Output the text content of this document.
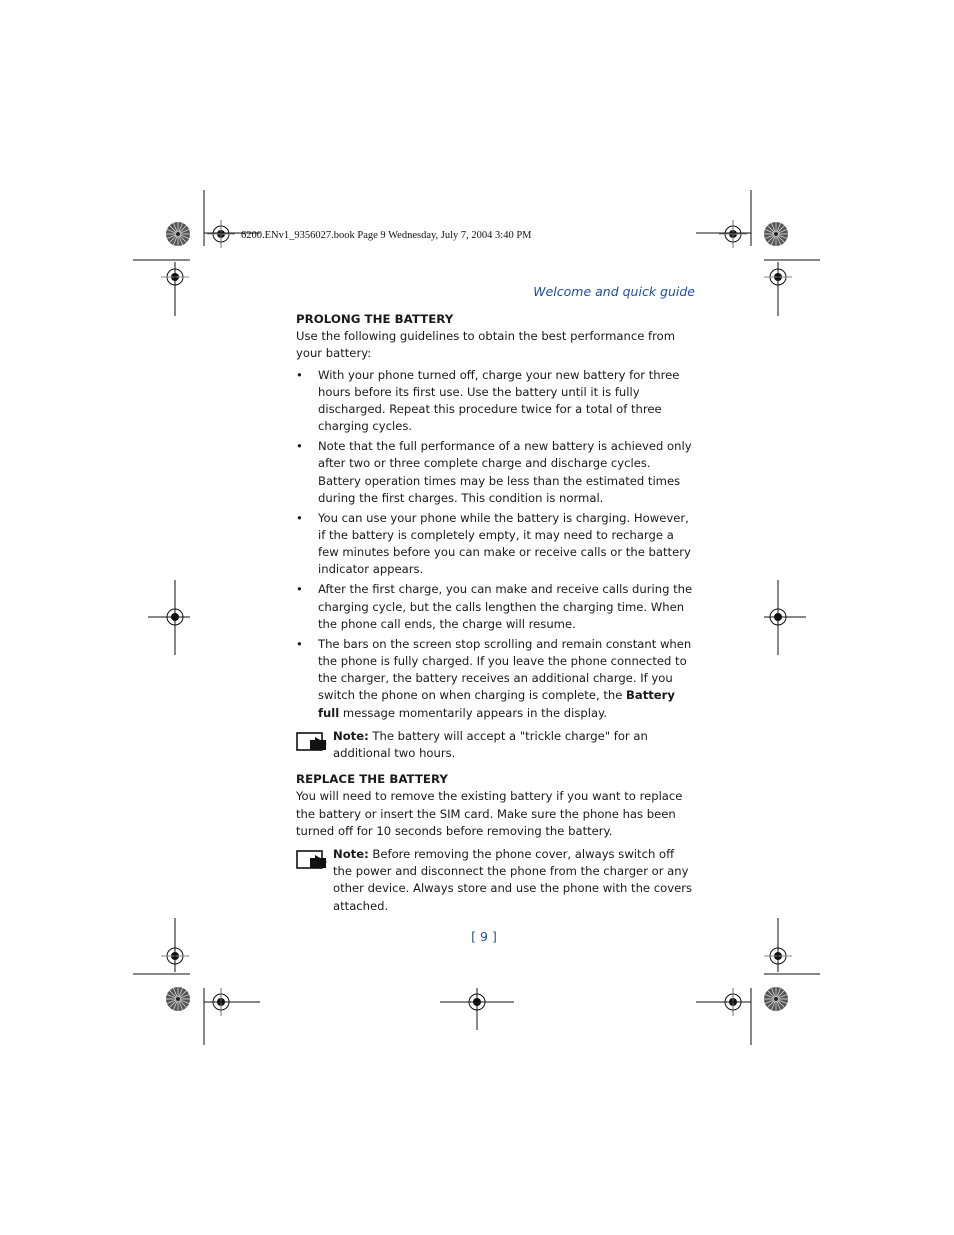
6200.ENv1_9356027.book Page 9 Wednesday, July 7, 2004 3:40 PM
Welcome and quick guide
PROLONG THE BATTERY

Use the following guidelines to obtain the best performance from your battery:

• With your phone turned off, charge your new battery for three hours before its first use. Use the battery until it is fully discharged. Repeat this procedure twice for a total of three charging cycles.
• Note that the full performance of a new battery is achieved only after two or three complete charge and discharge cycles. Battery operation times may be less than the estimated times during the first charges. This condition is normal.
• You can use your phone while the battery is charging. However, if the battery is completely empty, it may need to recharge a few minutes before you can make or receive calls or the battery indicator appears.
• After the first charge, you can make and receive calls during the charging cycle, but the calls lengthen the charging time. When the phone call ends, the charge will resume.
• The bars on the screen stop scrolling and remain constant when the phone is fully charged. If you leave the phone connected to the charger, the battery receives an additional charge. If you switch the phone on when charging is complete, the Battery full message momentarily appears in the display.
Note: The battery will accept a "trickle charge" for an additional two hours.
REPLACE THE BATTERY

You will need to remove the existing battery if you want to replace the battery or insert the SIM card. Make sure the phone has been turned off for 10 seconds before removing the battery.

Note: Before removing the phone cover, always switch off the power and disconnect the phone from the charger or any other device. Always store and use the phone with the covers attached.
[ 9 ]
